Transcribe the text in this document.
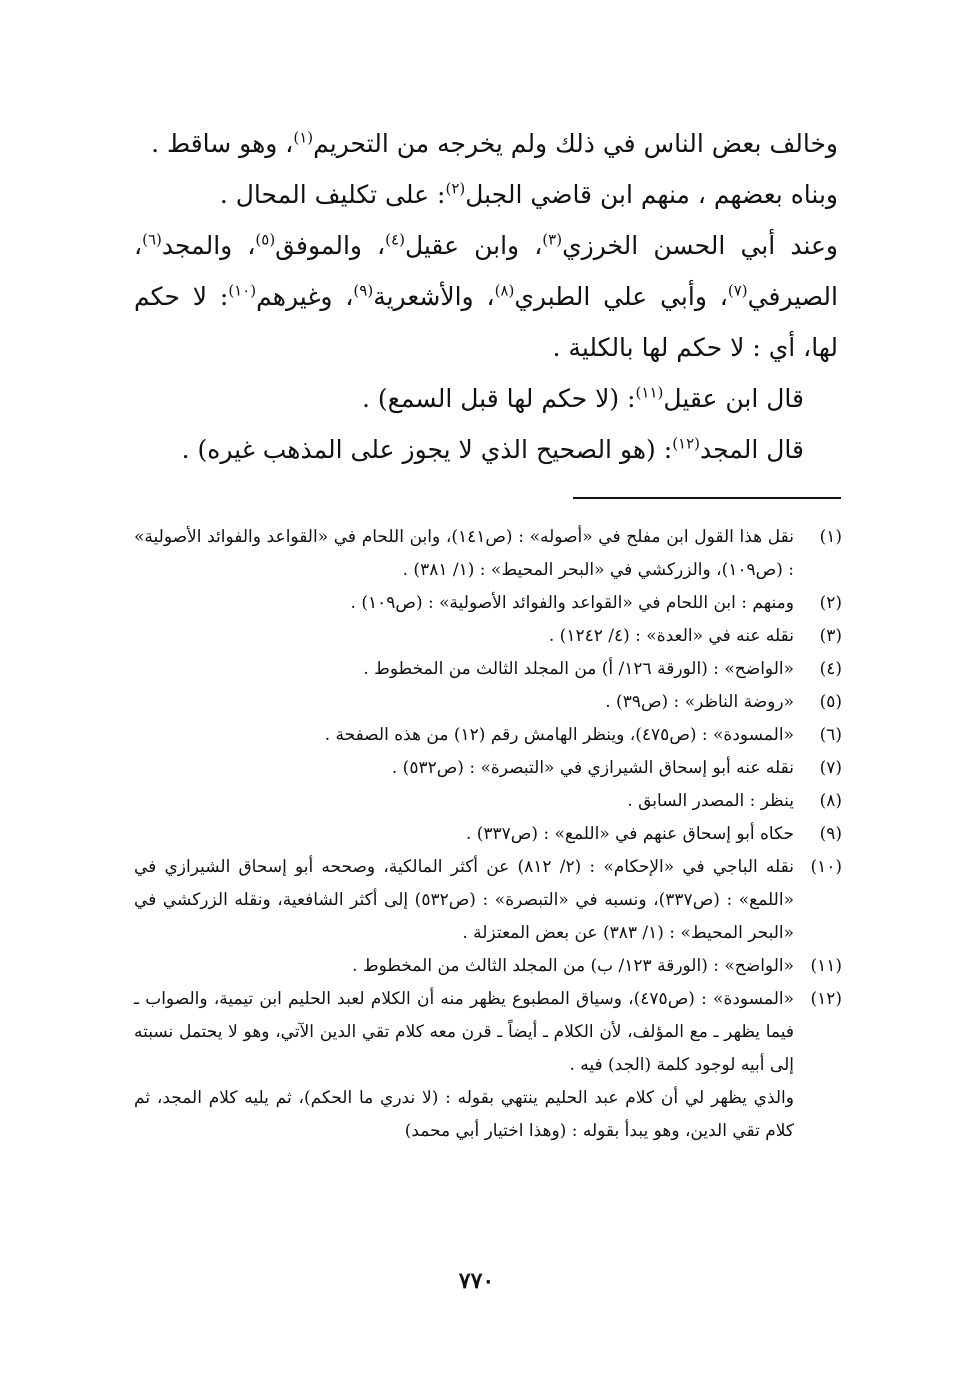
وخالف بعض الناس في ذلك ولم يخرجه من التحريم$^{(١)}$، وهو ساقط .

وبناه بعضهم ، منهم ابن قاضي الجبل$^{(٢)}$: على تكليف المحال .

وعند أبي الحسن الخرزي$^{(٣)}$، وابن عقيل$^{(٤)}$، والموفق$^{(٥)}$، والمجد$^{(٦)}$، الصيرفي$^{(٧)}$، وأبي علي الطبري$^{(٨)}$، والأشعرية$^{(٩)}$، وغيرهم$^{(١٠)}$: لا حكم لها، أي : لا حكم لها بالكلية .

قال ابن عقيل$^{(١١)}$: (لا حكم لها قبل السمع) .

قال المجد$^{(١٢)}$: (هو الصحيح الذي لا يجوز على المذهب غيره) .

(١)
نقل هذا القول ابن مفلح في «أصوله» : (ص١٤١)، وابن اللحام في «القواعد والفوائد الأصولية» : (ص١٠٩)، والزركشي في «البحر المحيط» : (١/ ٣٨١) .
(٢)
ومنهم : ابن اللحام في «القواعد والفوائد الأصولية» : (ص١٠٩) .
(٣)
نقله عنه في «العدة» : (٤/ ١٢٤٢) .
(٤)
«الواضح» : (الورقة ١٢٦/ أ) من المجلد الثالث من المخطوط .
(٥)
«روضة الناظر» : (ص٣٩) .
(٦)
«المسودة» : (ص٤٧٥)، وينظر الهامش رقم (١٢) من هذه الصفحة .
(٧)
نقله عنه أبو إسحاق الشيرازي في «التبصرة» : (ص٥٣٢) .
(٨)
ينظر : المصدر السابق .
(٩)
حكاه أبو إسحاق عنهم في «اللمع» : (ص٣٣٧) .
(١٠)
نقله الباجي في «الإحكام» : (٢/ ٨١٢) عن أكثر المالكية، وصححه أبو إسحاق الشيرازي في «اللمع» : (ص٣٣٧)، ونسبه في «التبصرة» : (ص٥٣٢) إلى أكثر الشافعية، ونقله الزركشي في «البحر المحيط» : (١/ ٣٨٣) عن بعض المعتزلة .
(١١)
«الواضح» : (الورقة ١٢٣/ ب) من المجلد الثالث من المخطوط .
(١٢)
«المسودة» : (ص٤٧٥)، وسياق المطبوع يظهر منه أن الكلام لعبد الحليم ابن تيمية، والصواب ـ فيما يظهر ـ مع المؤلف، لأن الكلام ـ أيضاً ـ قرن معه كلام تقي الدين الآتي، وهو لا يحتمل نسبته إلى أبيه لوجود كلمة (الجد) فيه .
والذي يظهر لي أن كلام عبد الحليم ينتهي بقوله : (لا ندري ما الحكم)، ثم يليه كلام المجد، ثم كلام تقي الدين، وهو يبدأ بقوله : (وهذا اختيار أبي محمد)
٧٧٠
